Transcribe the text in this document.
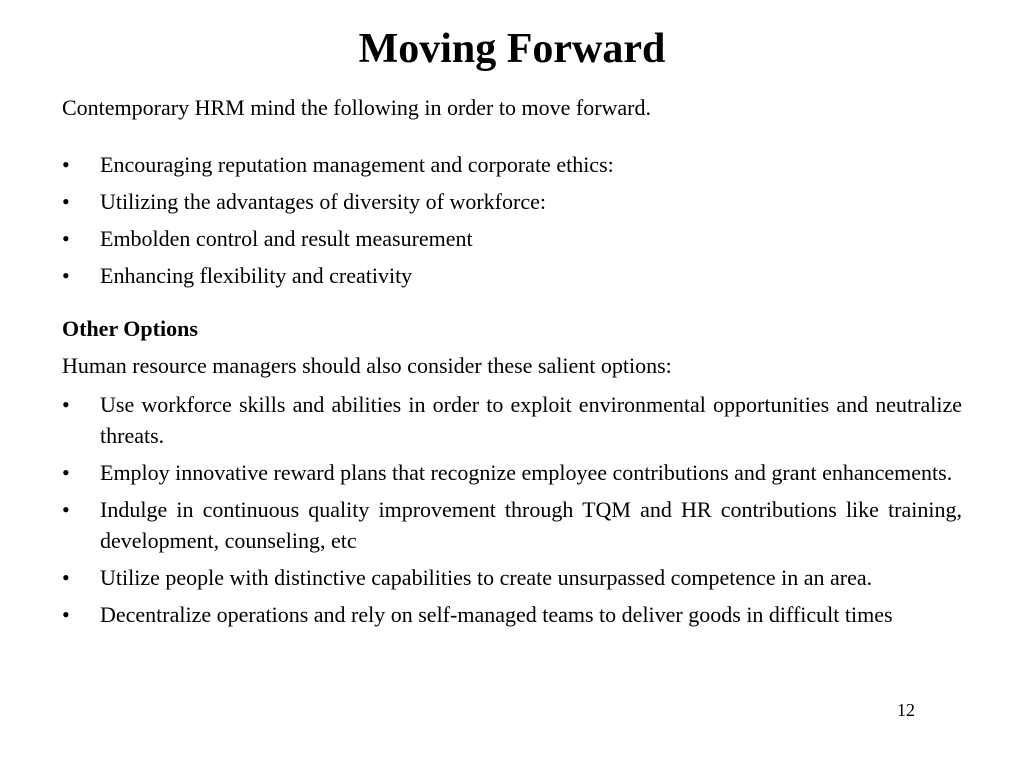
Moving Forward

Contemporary HRM mind the following in order to move forward.

•	Encouraging reputation management and corporate ethics:
•	Utilizing the advantages of diversity of workforce:
•	Embolden control and result measurement
•	Enhancing flexibility and creativity

Other Options

Human resource managers should also consider these salient options:

•	Use workforce skills and abilities in order to exploit environmental opportunities and neutralize threats.
•	Employ innovative reward plans that recognize employee contributions and grant enhancements.
•	Indulge in continuous quality improvement through TQM and HR contributions like training, development, counseling, etc
•	Utilize people with distinctive capabilities to create unsurpassed competence in an area.
•	Decentralize operations and rely on self-managed teams to deliver goods in difficult times
12
